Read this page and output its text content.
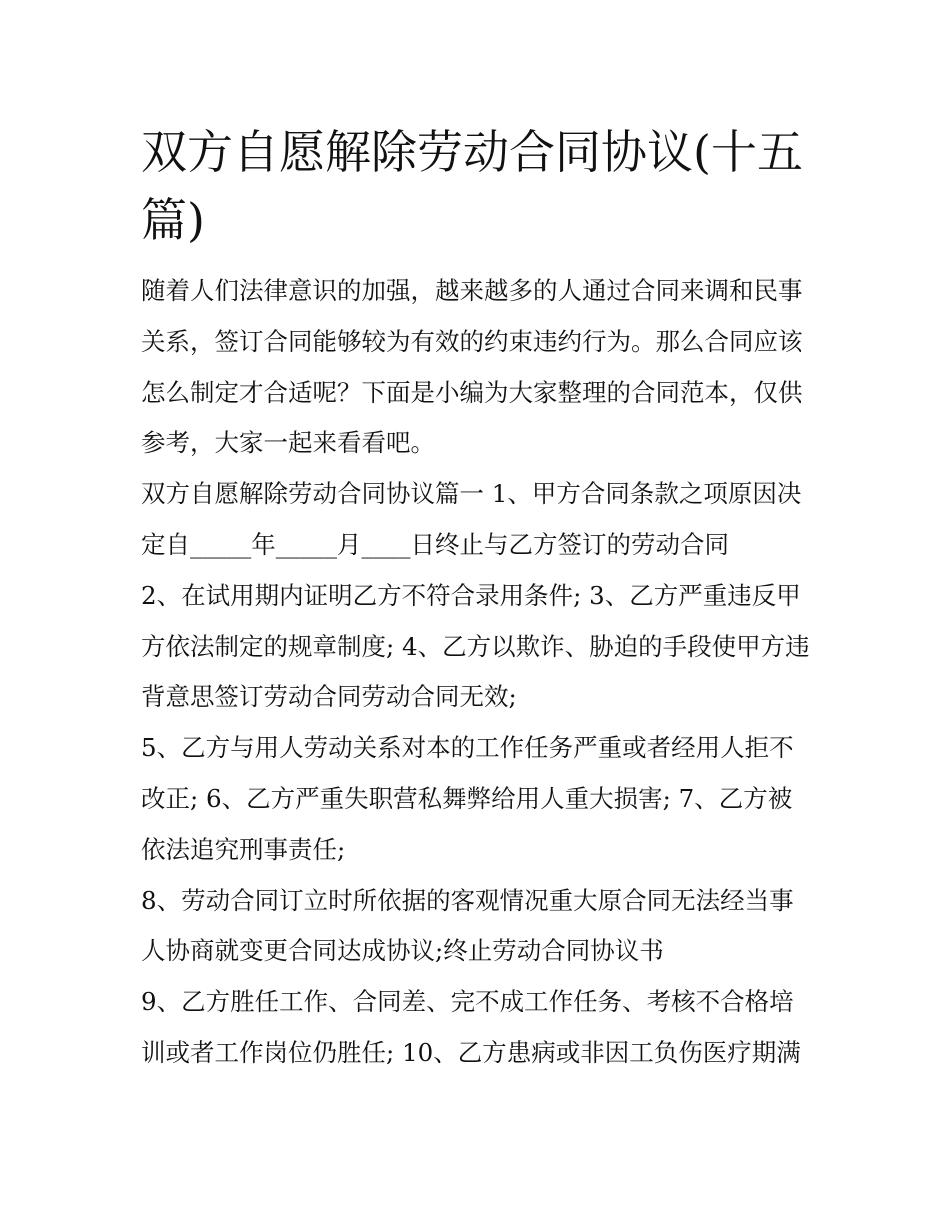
双方自愿解除劳动合同协议(十五篇)

随着人们法律意识的加强，越来越多的人通过合同来调和民事关系，签订合同能够较为有效的约束违约行为。那么合同应该怎么制定才合适呢？下面是小编为大家整理的合同范本，仅供参考，大家一起来看看吧。

双方自愿解除劳动合同协议篇一 1、甲方合同条款之项原因决定自_____年_____月____日终止与乙方签订的劳动合同

2、在试用期内证明乙方不符合录用条件; 3、乙方严重违反甲方依法制定的规章制度; 4、乙方以欺诈、胁迫的手段使甲方违背意思签订劳动合同劳动合同无效;

5、乙方与用人劳动关系对本的工作任务严重或者经用人拒不改正; 6、乙方严重失职营私舞弊给用人重大损害; 7、乙方被依法追究刑事责任;

8、劳动合同订立时所依据的客观情况重大原合同无法经当事人协商就变更合同达成协议;终止劳动合同协议书

9、乙方胜任工作、合同差、完不成工作任务、考核不合格培训或者工作岗位仍胜任; 10、乙方患病或非因工负伤医疗期满
